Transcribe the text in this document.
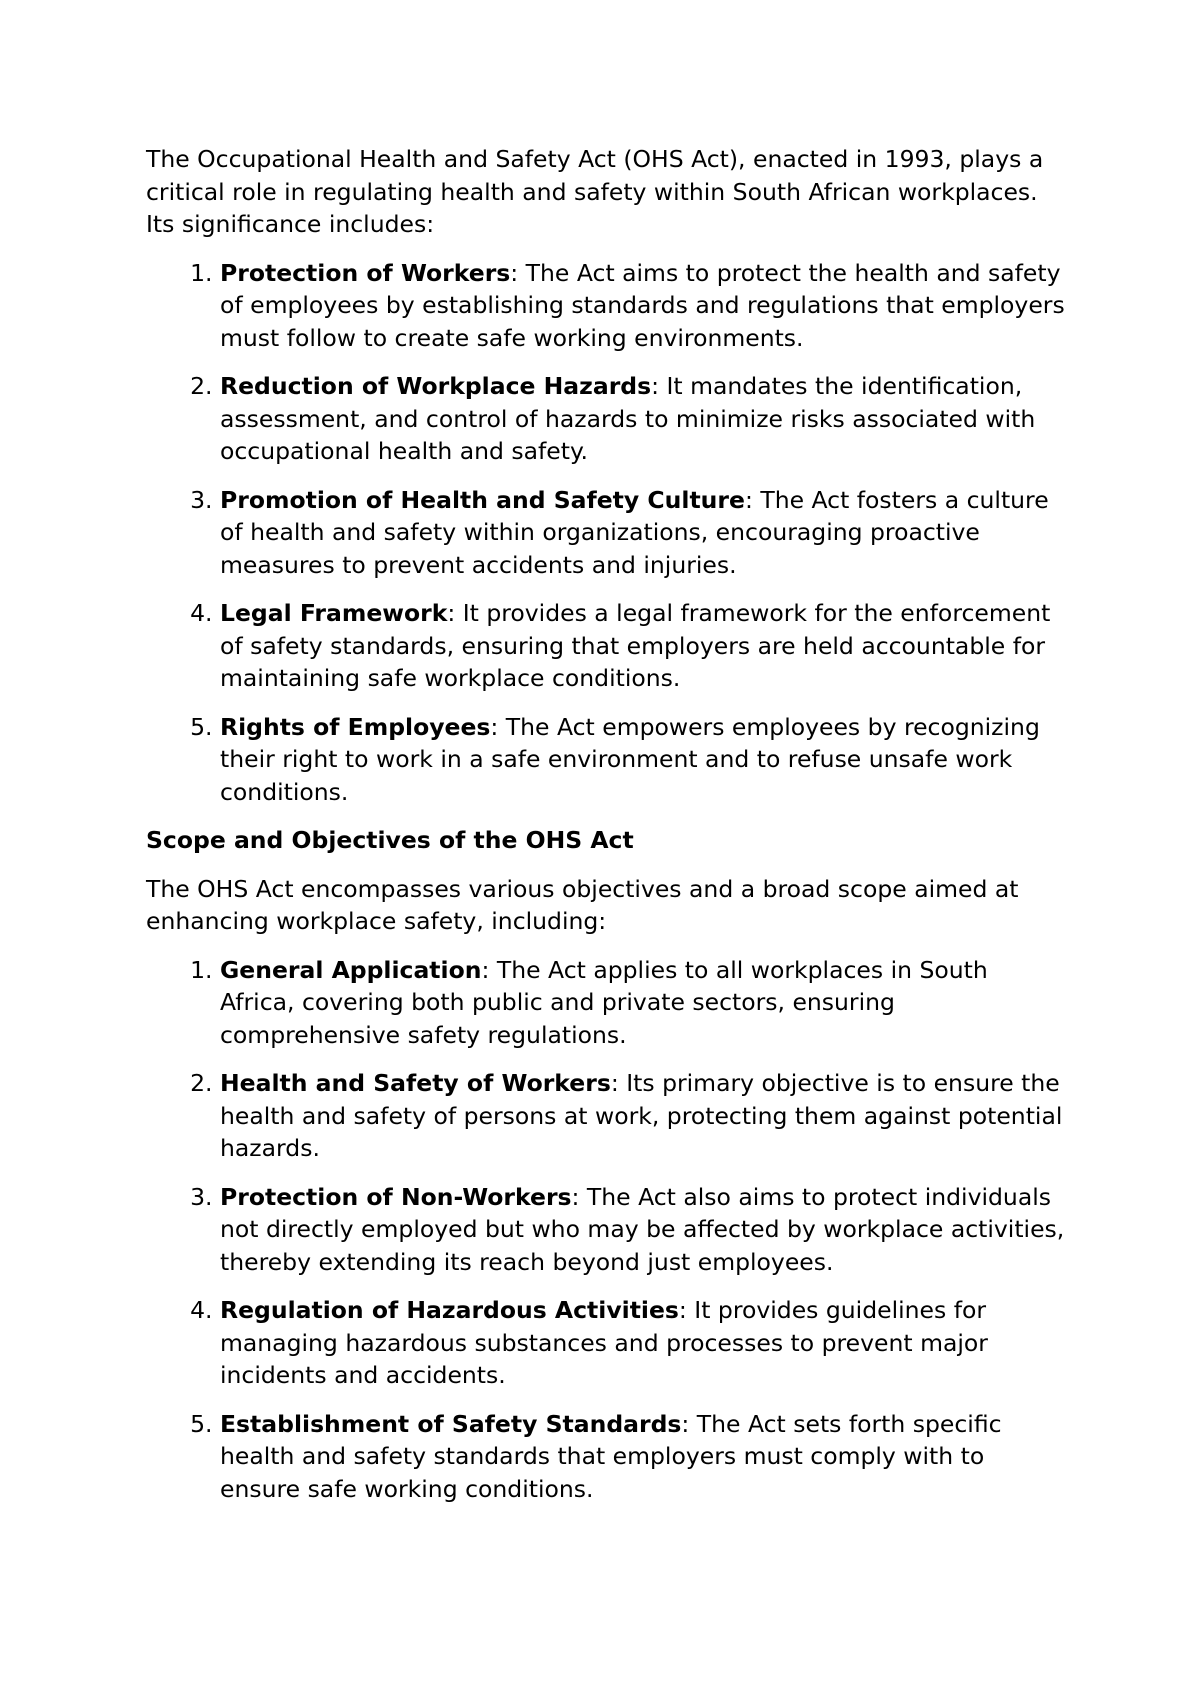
The Occupational Health and Safety Act (OHS Act), enacted in 1993, plays a critical role in regulating health and safety within South African workplaces. Its significance includes:

1. Protection of Workers: The Act aims to protect the health and safety of employees by establishing standards and regulations that employers must follow to create safe working environments.
2. Reduction of Workplace Hazards: It mandates the identification, assessment, and control of hazards to minimize risks associated with occupational health and safety.
3. Promotion of Health and Safety Culture: The Act fosters a culture of health and safety within organizations, encouraging proactive measures to prevent accidents and injuries.
4. Legal Framework: It provides a legal framework for the enforcement of safety standards, ensuring that employers are held accountable for maintaining safe workplace conditions.
5. Rights of Employees: The Act empowers employees by recognizing their right to work in a safe environment and to refuse unsafe work conditions.

Scope and Objectives of the OHS Act

The OHS Act encompasses various objectives and a broad scope aimed at enhancing workplace safety, including:

1. General Application: The Act applies to all workplaces in South Africa, covering both public and private sectors, ensuring comprehensive safety regulations.
2. Health and Safety of Workers: Its primary objective is to ensure the health and safety of persons at work, protecting them against potential hazards.
3. Protection of Non-Workers: The Act also aims to protect individuals not directly employed but who may be affected by workplace activities, thereby extending its reach beyond just employees.
4. Regulation of Hazardous Activities: It provides guidelines for managing hazardous substances and processes to prevent major incidents and accidents.
5. Establishment of Safety Standards: The Act sets forth specific health and safety standards that employers must comply with to ensure safe working conditions.
